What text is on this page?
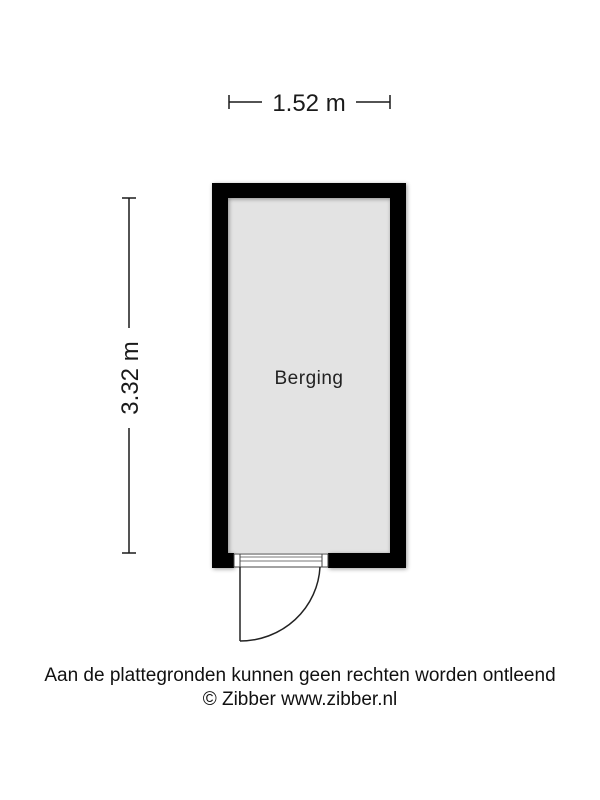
1.52 m
3.32 m	Berging
Aan de plattegronden kunnen geen rechten worden ontleend
© Zibber www.zibber.nl
